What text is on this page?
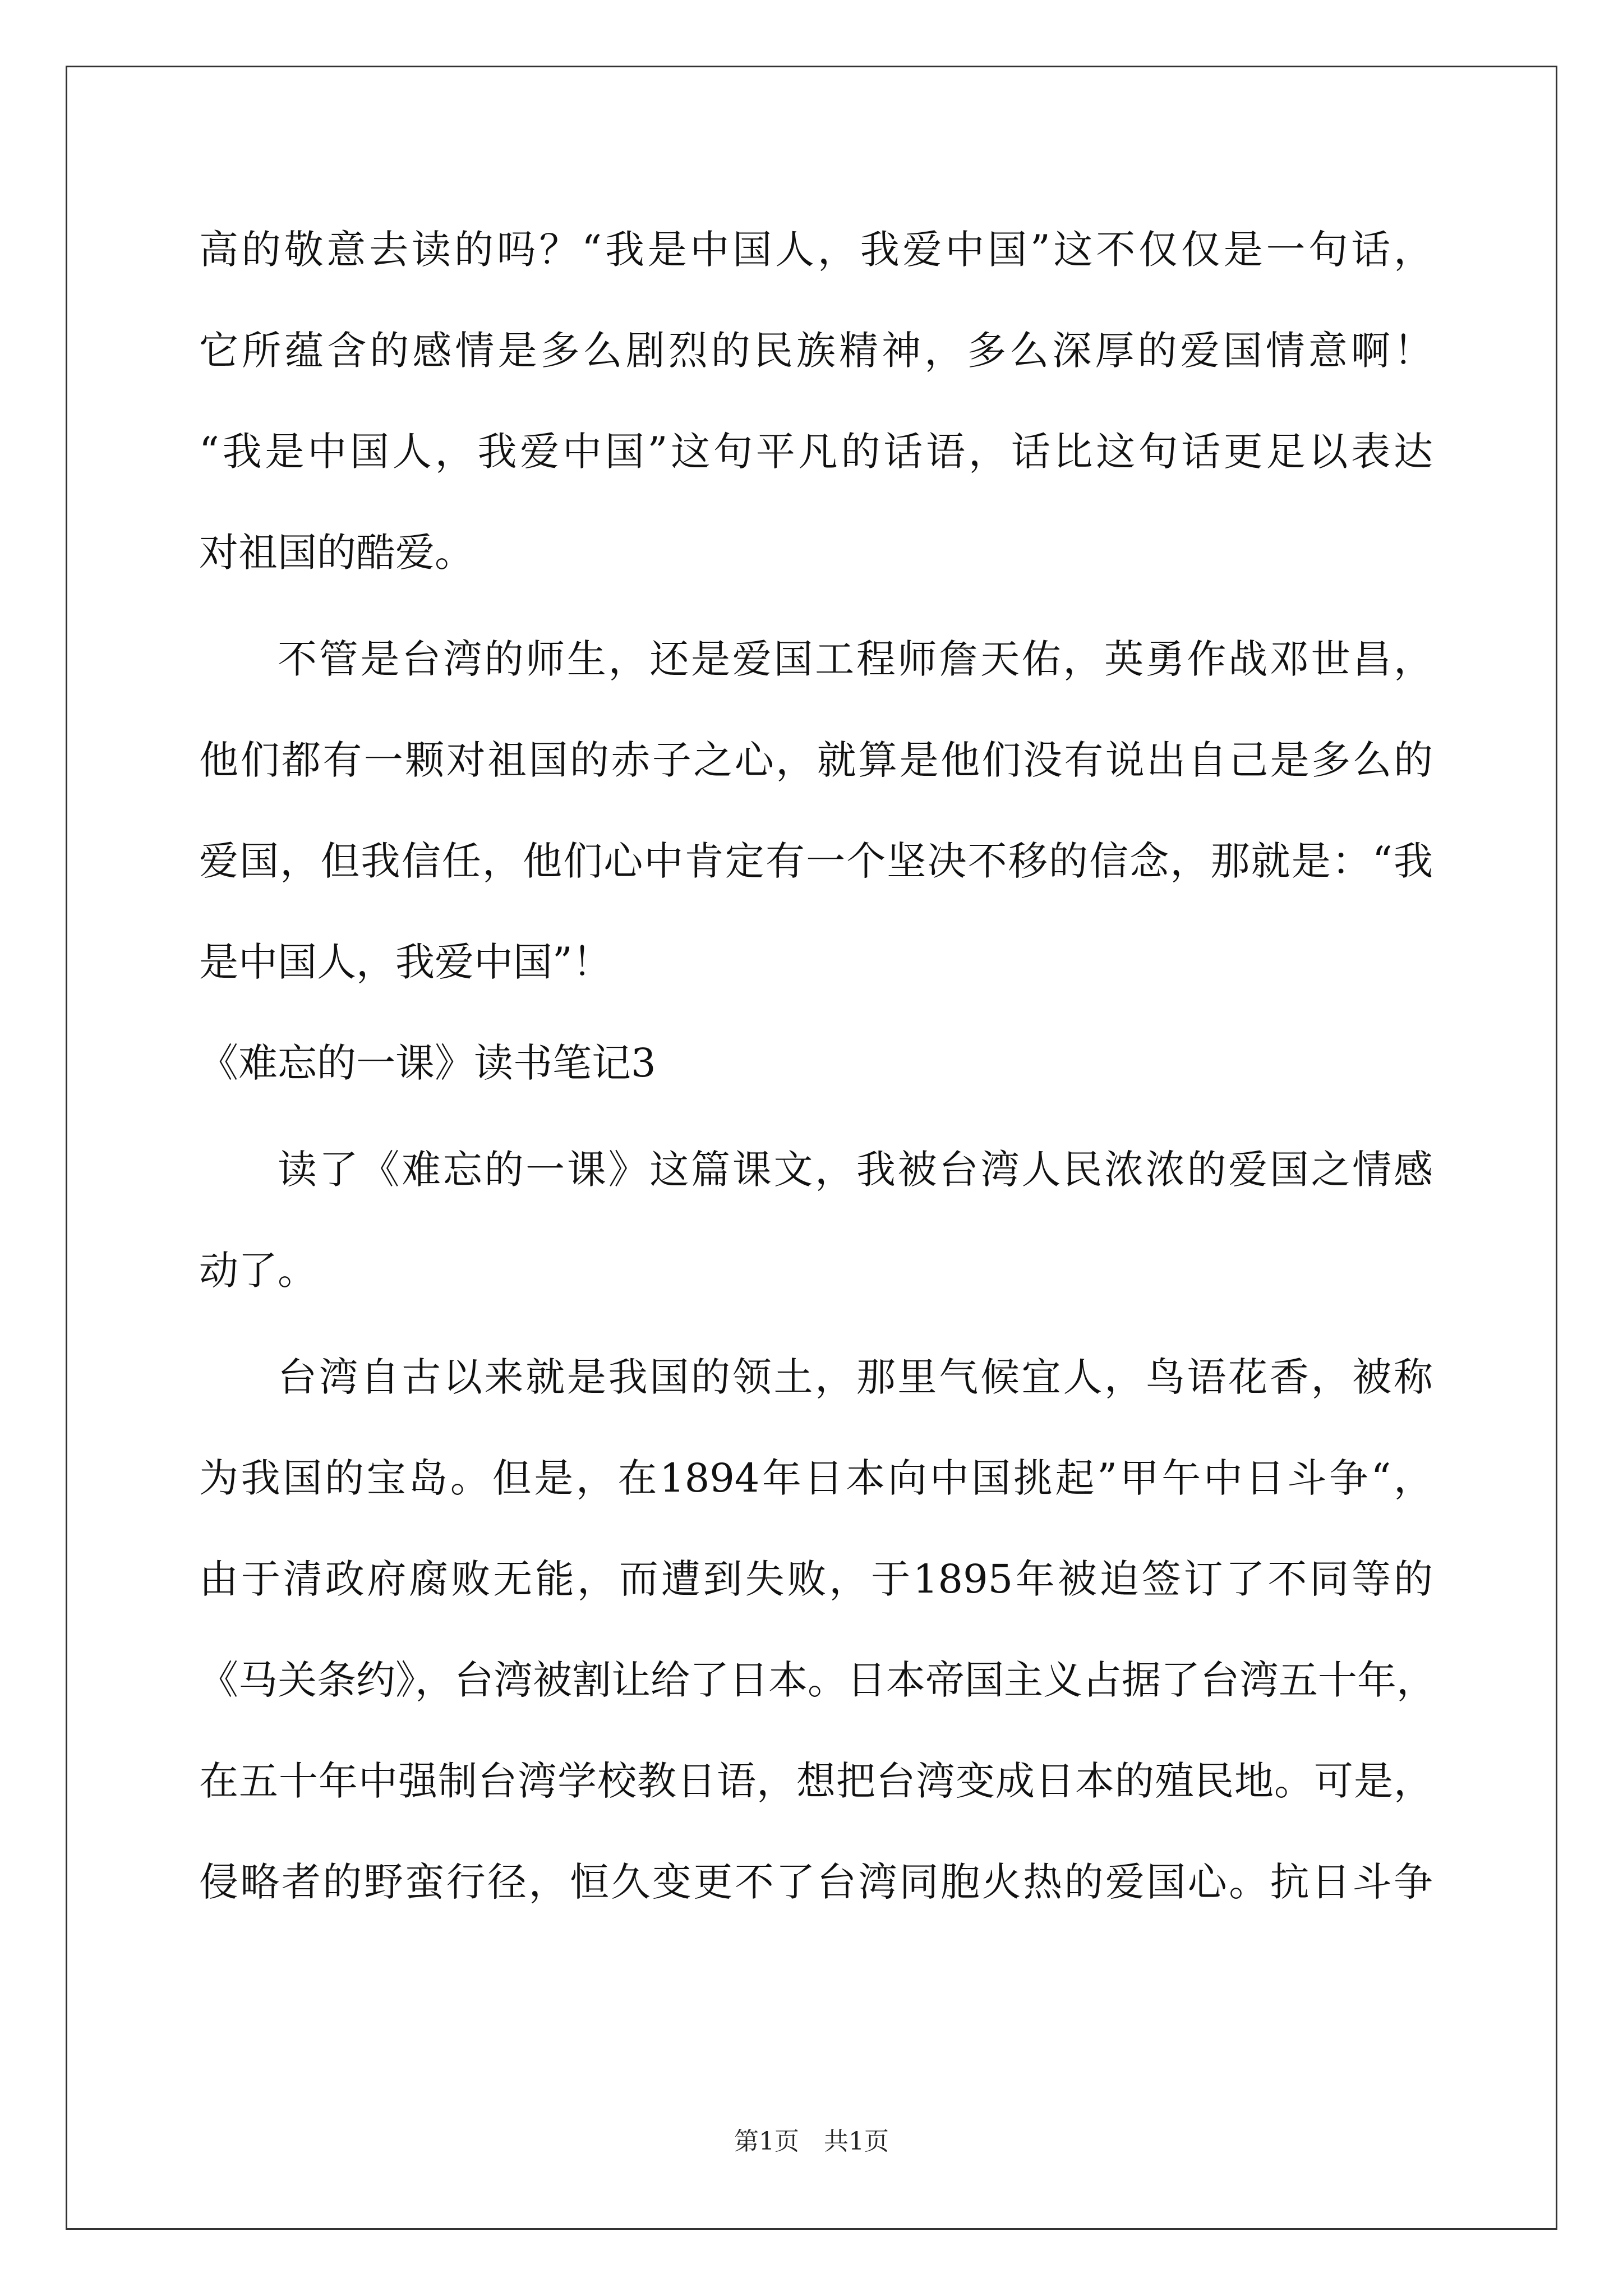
高的敬意去读的吗？“我是中国人，我爱中国”这不仅仅是一句话，
它所蕴含的感情是多么剧烈的民族精神，多么深厚的爱国情意啊！
“我是中国人，我爱中国”这句平凡的话语，话比这句话更足以表达
对祖国的酷爱。
不管是台湾的师生，还是爱国工程师詹天佑，英勇作战邓世昌，
他们都有一颗对祖国的赤子之心，就算是他们没有说出自己是多么的
爱国，但我信任，他们心中肯定有一个坚决不移的信念，那就是：“我
是中国人，我爱中国”！
《难忘的一课》读书笔记3
读了《难忘的一课》这篇课文，我被台湾人民浓浓的爱国之情感
动了。
台湾自古以来就是我国的领土，那里气候宜人，鸟语花香，被称
为我国的宝岛。但是，在1894年日本向中国挑起”甲午中日斗争“，
由于清政府腐败无能，而遭到失败，于1895年被迫签订了不同等的
《马关条约》，台湾被割让给了日本。日本帝国主义占据了台湾五十年，
在五十年中强制台湾学校教日语，想把台湾变成日本的殖民地。可是，
侵略者的野蛮行径，恒久变更不了台湾同胞火热的爱国心。抗日斗争
第1页　共1页
